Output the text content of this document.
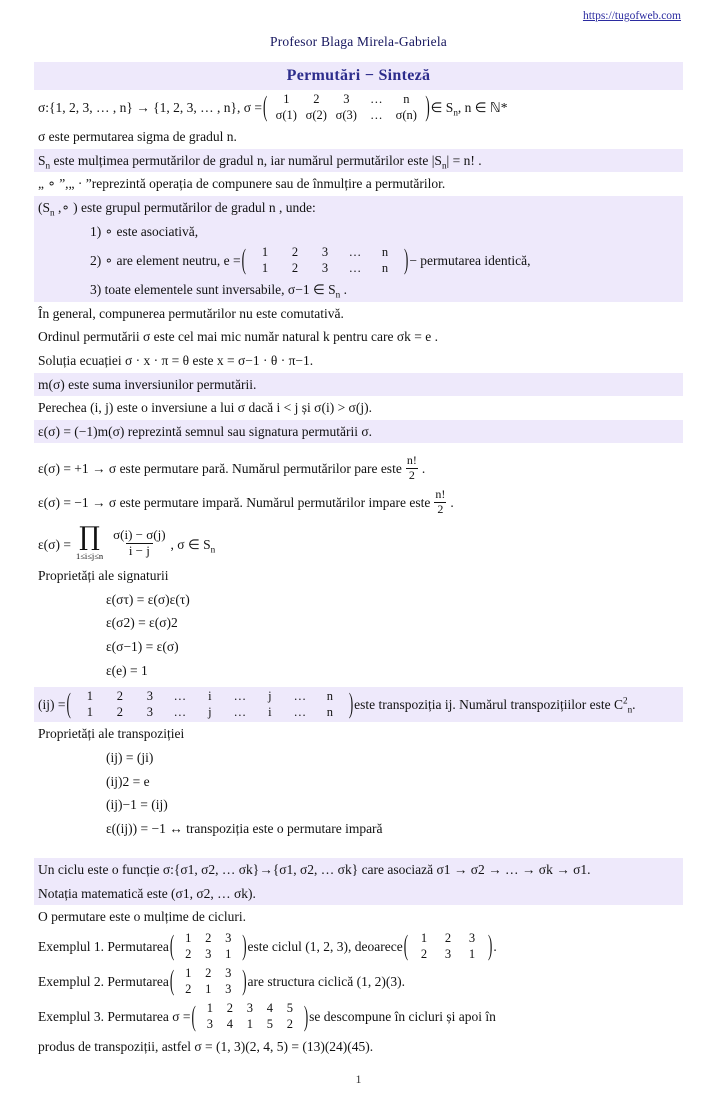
https://tugofweb.com
Profesor Blaga Mirela-Gabriela
Permutări − Sinteză
σ:{1, 2, 3, … , n} → {1, 2, 3, … , n}, σ = (	1 2 3 … n
σ(1) σ(2) σ(3) … σ(n) ) ∈ $S_n$, n ∈ ℕ*
σ este permutarea sigma de gradul n.
$S_n$ este mulțimea permutărilor de gradul n, iar numărul permutărilor este $|S_n| = n$! .
„ ∘ ”,„ · ”reprezintă operația de compunere sau de înmulțire a permutărilor.
($S_n$ ,∘ ) este grupul permutărilor de gradul n , unde:
1) ∘ este asociativă,
2) ∘ are element neutru, e = (	1 2 3 … n
1 2 3 … n	) − permutarea identică,
3) toate elementele sunt inversabile, σ−1 ∈ $S_n$ .
În general, compunerea permutărilor nu este comutativă.
Ordinul permutării σ este cel mai mic număr natural k pentru care σk = e .
Soluția ecuației σ · x · π = θ este x = σ−1 · θ · π−1.
m(σ) este suma inversiunilor permutării.
Perechea (i, j) este o inversiune a lui σ dacă i < j și σ(i) > σ(j).
ε(σ) = (−1)m(σ) reprezintă semnul sau signatura permutării σ.
ε(σ) = +1 → σ este permutare pară. Numărul permutărilor pare este $\frac{n!}{2}$ .
ε(σ) = −1 → σ este permutare impară. Numărul permutărilor impare este $\frac{n!}{2}$ .
ε(σ) = ∏
$1\le i\le j\le n \frac{\sigma(i) - \sigma(j)}{i - j}$ , σ ∈ $S_n$
Proprietăți ale signaturii
ε(στ) = ε(σ)ε(τ)
ε(σ2) = ε(σ)2
ε(σ−1) = ε(σ)
ε(e) = 1
(ij) = (	1 2 3 … i … j … n
1 2 3 … j … i … n	) este transpoziția ij. Numărul transpozițiilor este $C^2_n$.
Proprietăți ale transpoziției
(ij) = (ji)
(ij)2 = e
(ij)−1 = (ij)
ε((ij)) = −1 ↔ transpoziția este o permutare impară
Un ciclu este o funcție σ:{σ1, σ2, … σk}→{σ1, σ2, … σk} care asociază σ1 → σ2 → … → σk → σ1.
Notația matematică este (σ1, σ2, … σk).
O permutare este o mulțime de cicluri.
Exemplul 1. Permutarea ( 1 2 3
2 3 1 ) este ciclul (1, 2, 3), deoarece (	1 2 3
2 3 1 ) .
Exemplul 2. Permutarea ( 1 2 3
2 1 3 ) are structura ciclică (1, 2)(3).
Exemplul 3. Permutarea σ = ( 1 2 3 4 5
3 4 1 5 2 ) se descompune în cicluri și apoi în
produs de transpoziții, astfel σ = (1, 3)(2, 4, 5) = (13)(24)(45).
1
